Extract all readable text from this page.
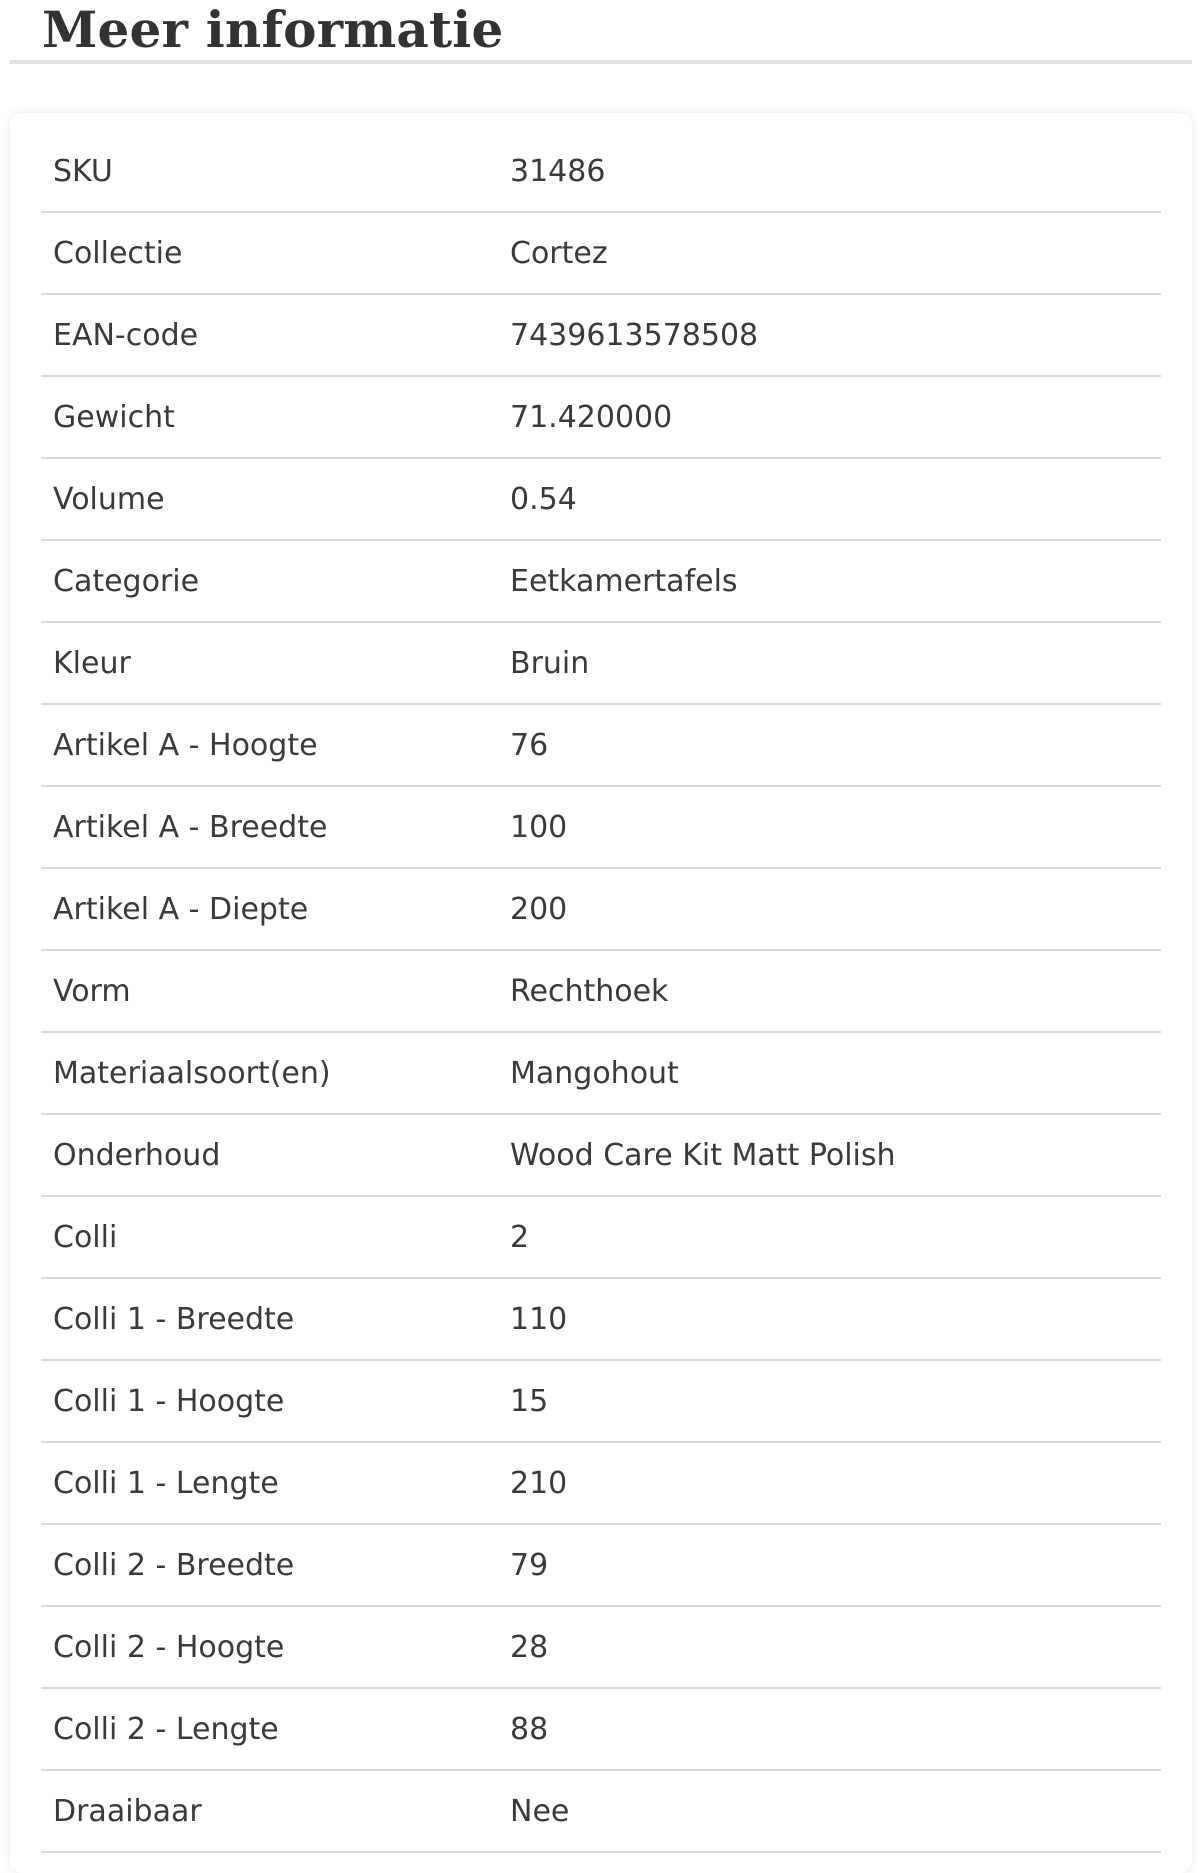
Meer informatie
SKU	31486
Collectie	Cortez
EAN-code	7439613578508
Gewicht	71.420000
Volume	0.54
Categorie	Eetkamertafels
Kleur	Bruin
Artikel A - Hoogte	76
Artikel A - Breedte	100
Artikel A - Diepte	200
Vorm	Rechthoek
Materiaalsoort(en)	Mangohout
Onderhoud	Wood Care Kit Matt Polish
Colli	2
Colli 1 - Breedte	110
Colli 1 - Hoogte	15
Colli 1 - Lengte	210
Colli 2 - Breedte	79
Colli 2 - Hoogte	28
Colli 2 - Lengte	88
Draaibaar	Nee
